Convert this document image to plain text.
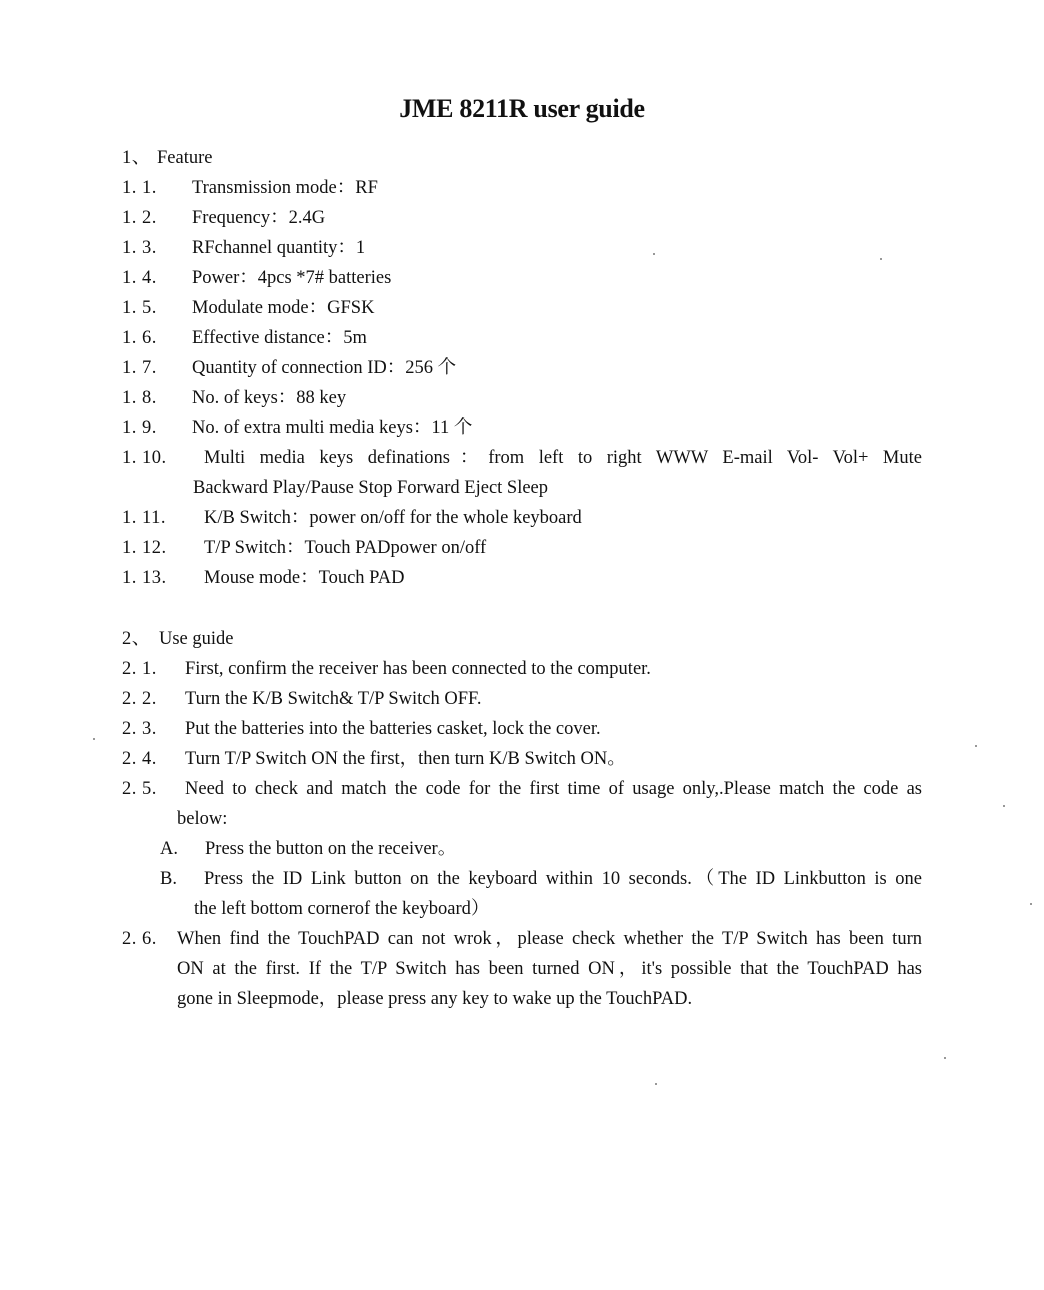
JME 8211R user guide
1、 Feature
1. 1. Transmission mode：RF
1. 2. Frequency：2.4G
1. 3. RFchannel quantity：1
1. 4. Power：4pcs *7# batteries
1. 5. Modulate mode：GFSK
1. 6. Effective distance：5m
1. 7. Quantity of connection ID：256 个
1. 8. No. of keys：88 key
1. 9. No. of extra multi media keys：11 个
1. 10. Multi media keys definations：from left to right WWW E-mail Vol- Vol+ Mute
Backward Play/Pause Stop Forward Eject Sleep
1. 11. K/B Switch：power on/off for the whole keyboard
1. 12. T/P Switch：Touch PADpower on/off
1. 13. Mouse mode：Touch PAD
2、 Use guide
2. 1. First, confirm the receiver has been connected to the computer.
2. 2. Turn the K/B Switch& T/P Switch OFF.
2. 3. Put the batteries into the batteries casket, lock the cover.
2. 4. Turn T/P Switch ON the first，then turn K/B Switch ON。
2. 5. Need to check and match the code for the first time of usage only,.Please match the code as
below:
A. Press the button on the receiver。
B. Press the ID Link button on the keyboard within 10 seconds.（The ID Linkbutton is one
the left bottom cornerof the keyboard）
2. 6. When find the TouchPAD can not wrok，please check whether the T/P Switch has been turn
ON at the first. If the T/P Switch has been turned ON，it's possible that the TouchPAD has
gone in Sleepmode，please press any key to wake up the TouchPAD.
